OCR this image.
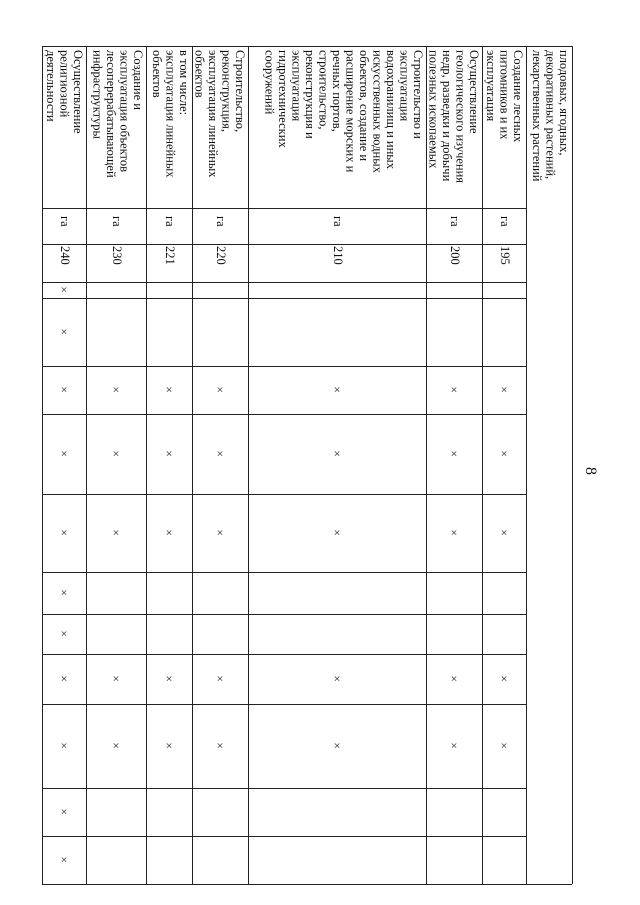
8
плодовых, ягодных,
декоративных растений,
лекарственных растений

Создание лесных
питомников и их
эксплуатация

га
195
×
×
×
×
×
Осуществление
геологического изучения
недр, разведки и добычи
полезных ископаемых

га
200
×
×
×
×
×
Строительство и
эксплуатация
водохранилищ и иных
искусственных водных
объектов, создание и
расширение морских и
речных портов,
строительство,
реконструкция и
эксплуатация
гидротехнических
сооружений

га
210
×
×
×
×
×
Строительство,
реконструкция,
эксплуатация линейных
объектов

га
220
×
×
×
×
×
в том числе:
эксплуатация линейных
объектов

га
221
×
×
×
×
×
Создание и
эксплуатация объектов
лесоперерабатывающей
инфраструктуры

га
230
×
×
×
×
×
Осуществление
религиозной
деятельности

га
240
×
×
×
×
×
×
×
×
×
×
×
